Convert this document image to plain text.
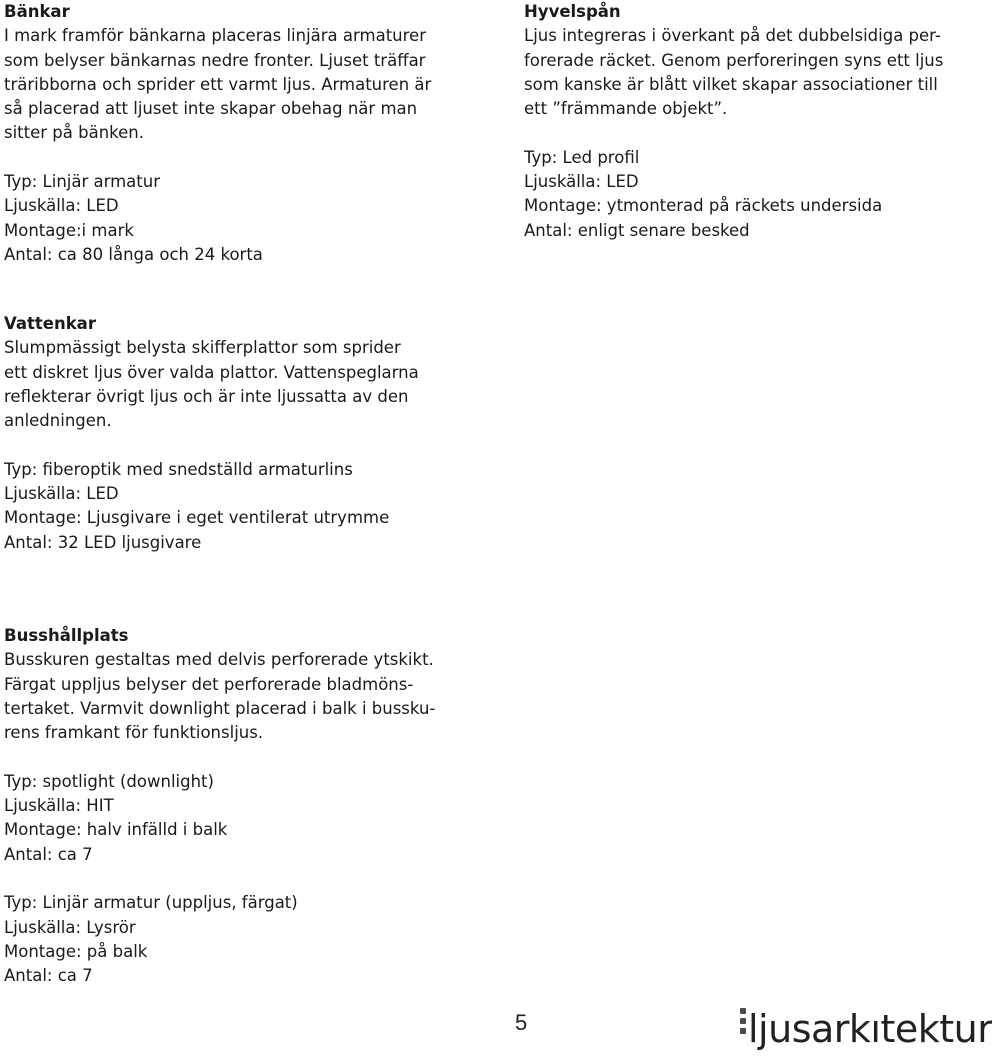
Bänkar

I mark framför bänkarna placeras linjära armaturer

som belyser bänkarnas nedre fronter. Ljuset träffar

träribborna och sprider ett varmt ljus. Armaturen är

så placerad att ljuset inte skapar obehag när man

sitter på bänken.

Typ: Linjär armatur

Ljuskälla: LED

Montage:i mark

Antal: ca 80 långa och 24 korta

Hyvelspån

Ljus integreras i överkant på det dubbelsidiga per-

forerade räcket. Genom perforeringen syns ett ljus

som kanske är blått vilket skapar associationer till

ett ”främmande objekt”.

Typ: Led profil

Ljuskälla: LED

Montage: ytmonterad på räckets undersida

Antal: enligt senare besked

Vattenkar

Slumpmässigt belysta skifferplattor som sprider

ett diskret ljus över valda plattor. Vattenspeglarna

reflekterar övrigt ljus och är inte ljussatta av den

anledningen.

Typ: fiberoptik med snedställd armaturlins

Ljuskälla: LED

Montage: Ljusgivare i eget ventilerat utrymme

Antal: 32 LED ljusgivare

Busshållplats

Busskuren gestaltas med delvis perforerade ytskikt.

Färgat uppljus belyser det perforerade bladmöns-

tertaket. Varmvit downlight placerad i balk i bussku-

rens framkant för funktionsljus.

Typ: spotlight (downlight)

Ljuskälla: HIT

Montage: halv infälld i balk

Antal: ca 7

Typ: Linjär armatur (uppljus, färgat)

Ljuskälla: Lysrör

Montage: på balk

Antal: ca 7

5	ljusarkıtektur
